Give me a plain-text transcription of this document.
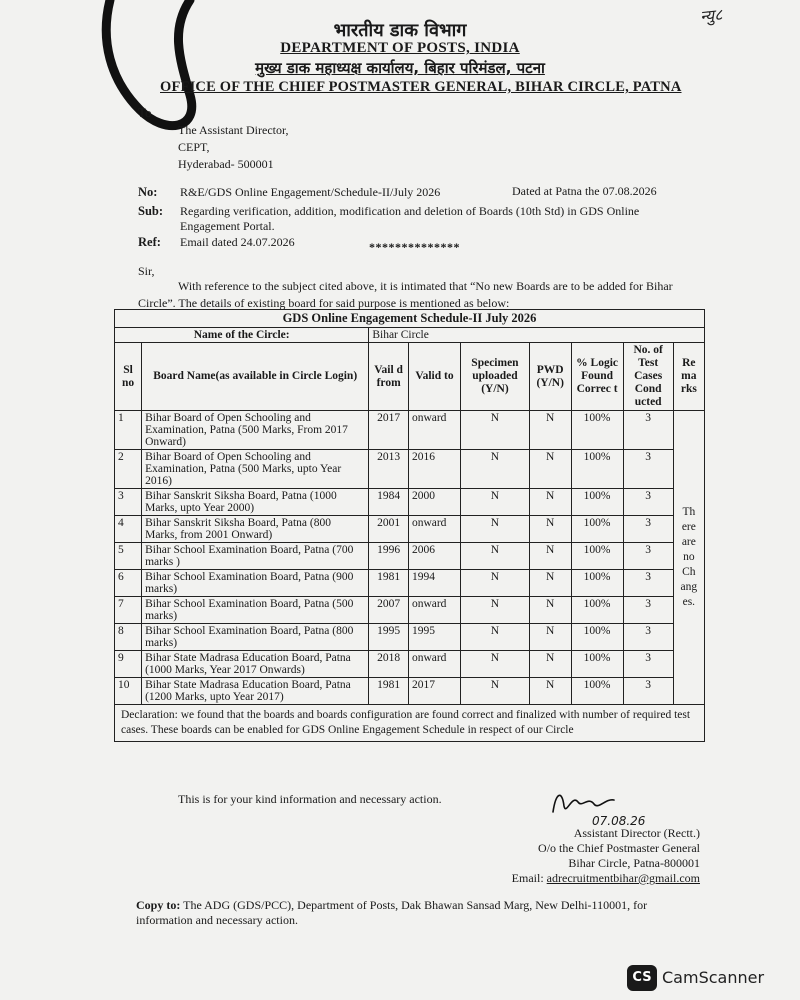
न्यु८
भारतीय डाक विभाग
DEPARTMENT OF POSTS, INDIA
मुख्य डाक महाध्यक्ष कार्यालय, बिहार परिमंडल, पटना
OFFICE OF THE CHIEF POSTMASTER GENERAL, BIHAR CIRCLE, PATNA
To
The Assistant Director,
CEPT,
Hyderabad- 500001
No: R&E/GDS Online Engagement/Schedule-II/July 2026	Dated at Patna the 07.08.2026
Sub: Regarding verification, addition, modification and deletion of Boards (10th Std) in GDS Online
Engagement Portal.
Ref: Email dated 24.07.2026	**************
Sir,
With reference to the subject cited above, it is intimated that “No new Boards are to be added for Bihar Circle”. The details of existing board for said purpose is mentioned as below:
GDS Online Engagement Schedule-II July 2026								
Name of the Circle:		Bihar Circle						
Sl no	Board Name(as available in Circle Login)	Vail d from	Valid to	Specimen uploaded (Y/N)	PWD (Y/N)	% Logic Found Correc t	No. of Test Cases Cond ucted	Re ma rks
1	Bihar Board of Open Schooling and Examination, Patna (500 Marks, From 2017 Onward)	2017	onward	N	N	100%	3	Th ere are no Ch ang es.
2	Bihar Board of Open Schooling and Examination, Patna (500 Marks, upto Year 2016)	2013	2016	N	N	100%	3	
3	Bihar Sanskrit Siksha Board, Patna (1000 Marks, upto Year 2000)	1984	2000	N	N	100%	3	
4	Bihar Sanskrit Siksha Board, Patna (800 Marks, from 2001 Onward)	2001	onward	N	N	100%	3	
5	Bihar School Examination Board, Patna (700 marks )	1996	2006	N	N	100%	3	
6	Bihar School Examination Board, Patna (900 marks)	1981	1994	N	N	100%	3	
7	Bihar School Examination Board, Patna (500 marks)	2007	onward	N	N	100%	3	
8	Bihar School Examination Board, Patna (800 marks)	1995	1995	N	N	100%	3	
9	Bihar State Madrasa Education Board, Patna (1000 Marks, Year 2017 Onwards)	2018	onward	N	N	100%	3	
10	Bihar State Madrasa Education Board, Patna (1200 Marks, upto Year 2017)	1981	2017	N	N	100%	3	
Declaration: we found that the boards and boards configuration are found correct and finalized with number of required test cases. These boards can be enabled for GDS Online Engagement Schedule in respect of our Circle								
This is for your kind information and necessary action.
07.08.26
Assistant Director (Rectt.)
O/o the Chief Postmaster General
Bihar Circle, Patna-800001
Email: adrecruitmentbihar@gmail.com
Copy to: The ADG (GDS/PCC), Department of Posts, Dak Bhawan Sansad Marg, New Delhi-110001, for information and necessary action.
CS CamScanner
